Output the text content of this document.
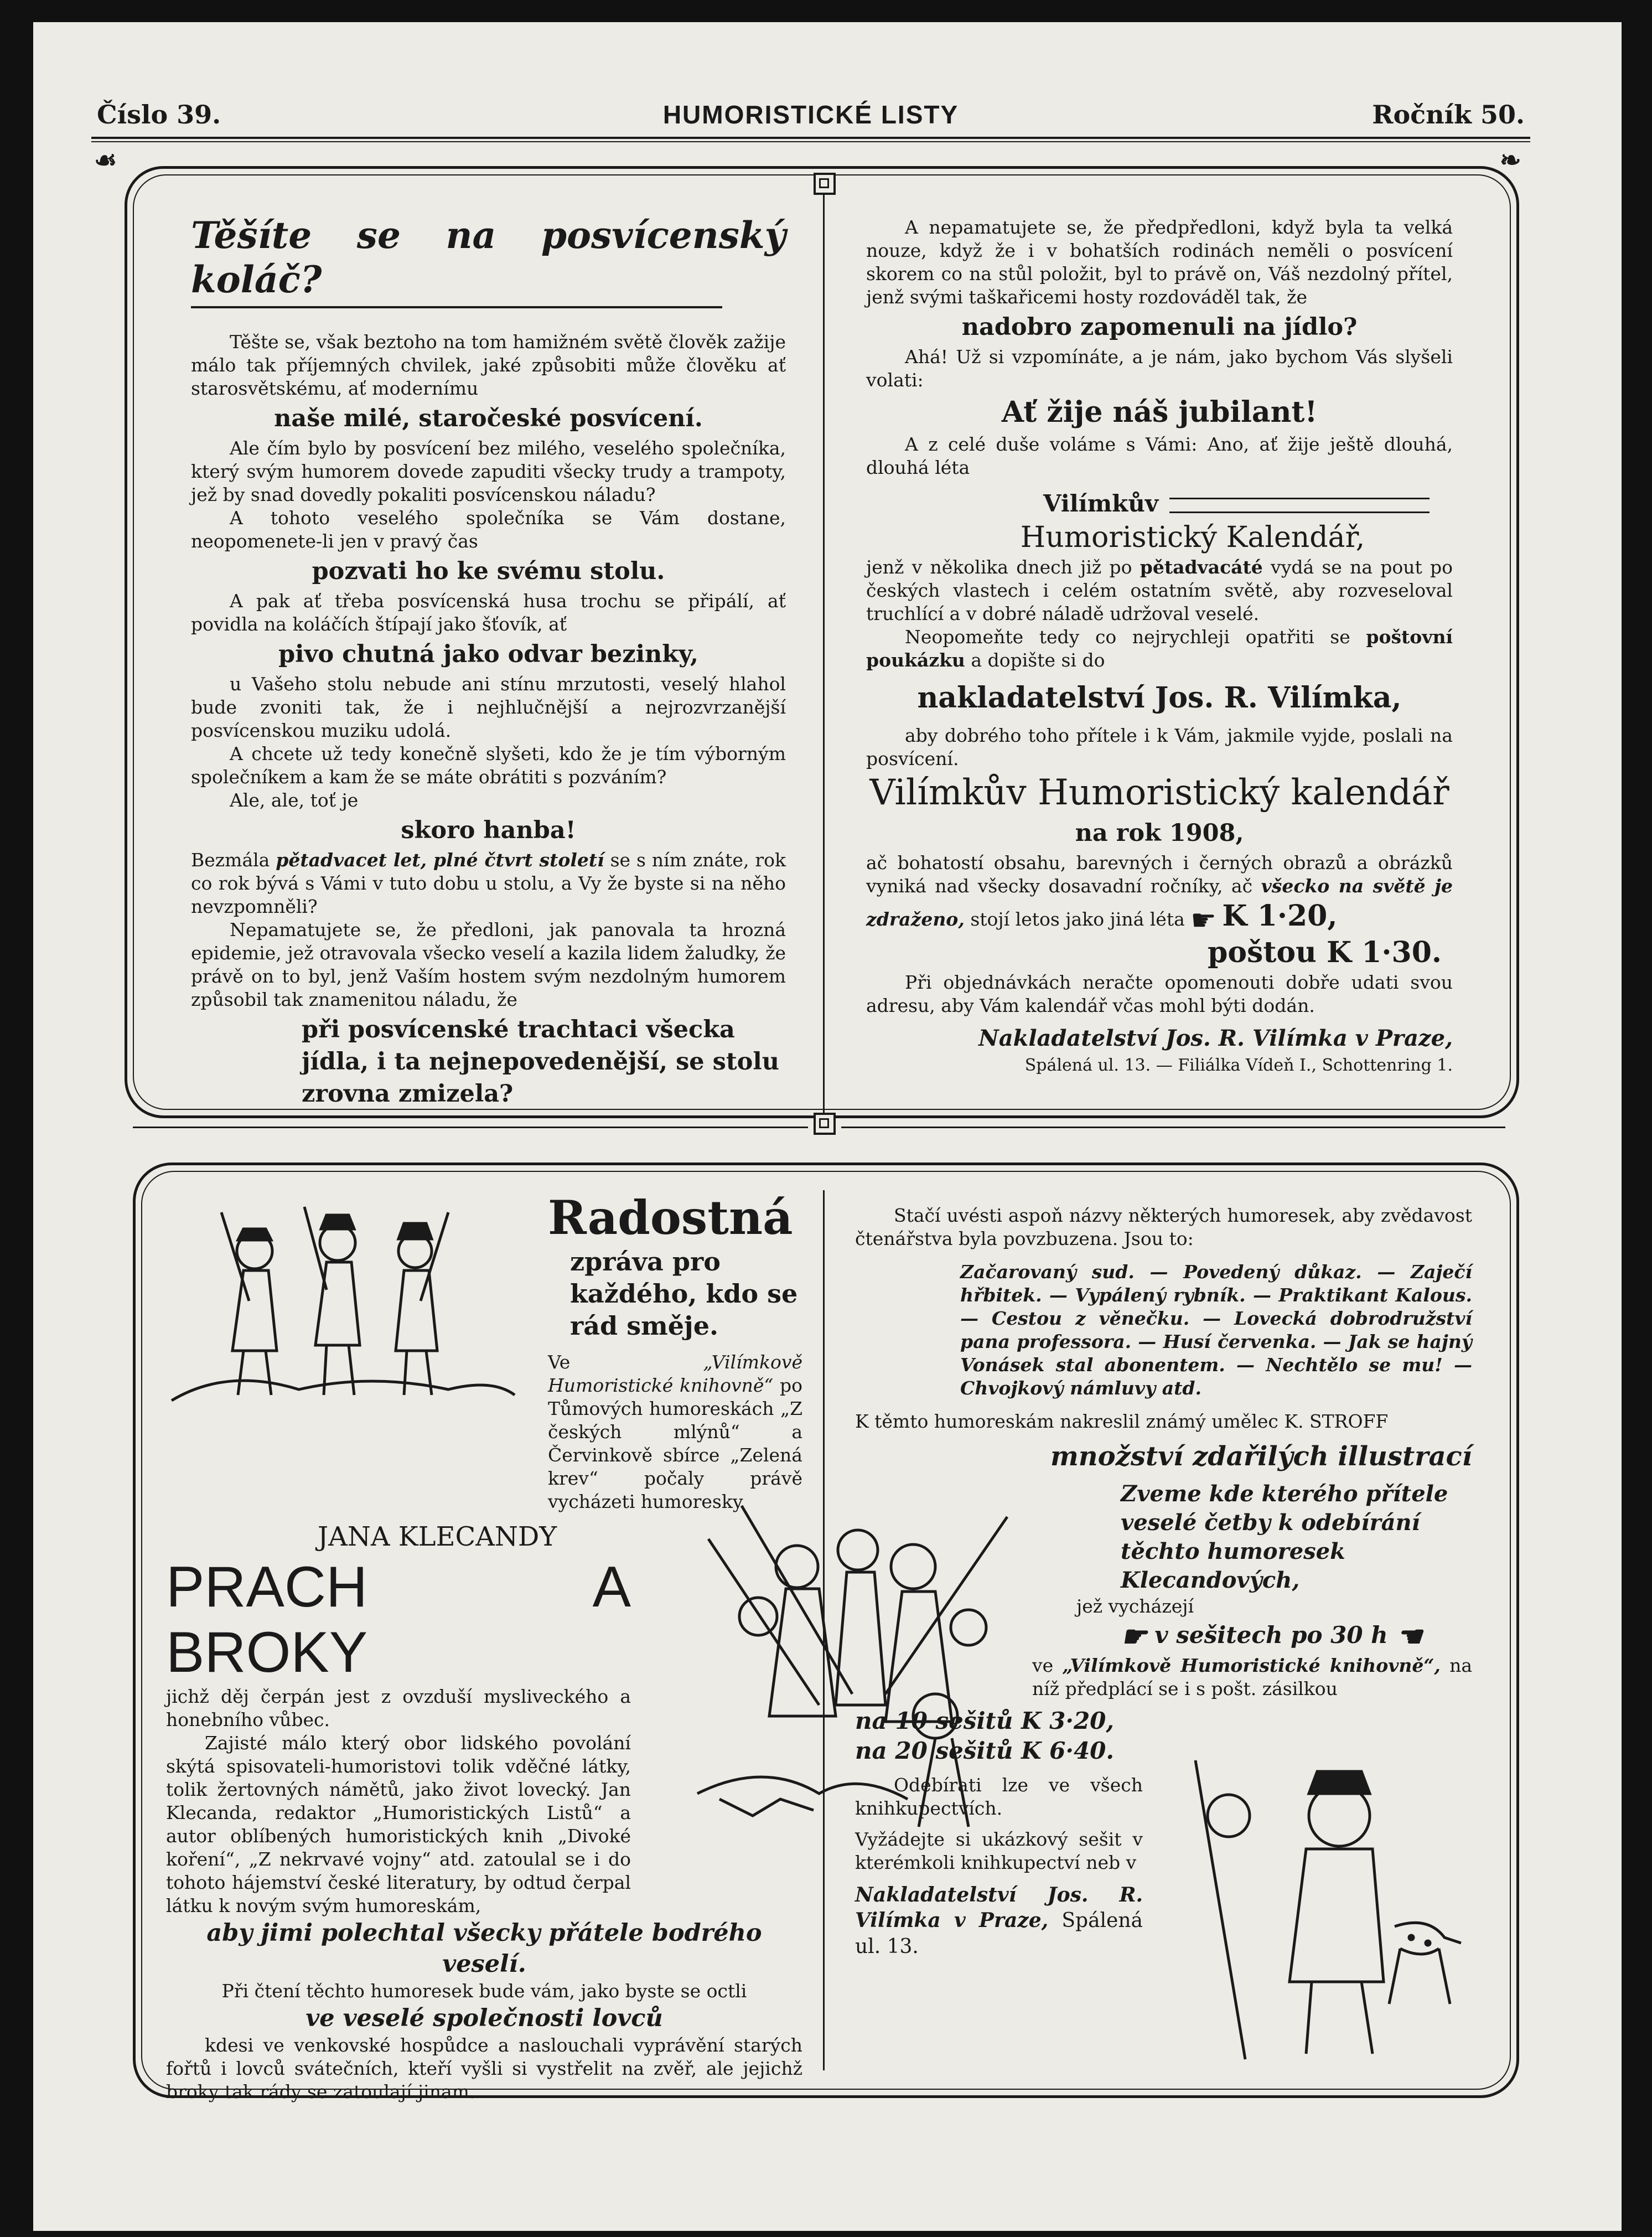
Číslo 39.	HUMORISTICKÉ LISTY	Ročník 50.
☙	❧
Těšíte se na posvícenský koláč?

Těšte se, však beztoho na tom hamižném světě člověk zažije málo tak příjemných chvilek, jaké způsobiti může člověku ať starosvětskému, ať modernímu

naše milé, staročeské posvícení.

Ale čím bylo by posvícení bez milého, veselého společníka, který svým humorem dovede zapuditi všecky trudy a trampoty, jež by snad dovedly pokaliti posvícenskou náladu?

A tohoto veselého společníka se Vám dostane, neopomenete-li jen v pravý čas

pozvati ho ke svému stolu.

A pak ať třeba posvícenská husa trochu se připálí, ať povidla na koláčích štípají jako šťovík, ať

pivo chutná jako odvar bezinky,

u Vašeho stolu nebude ani stínu mrzutosti, veselý hlahol bude zvoniti tak, že i nejhlučnější a nejrozvrzanější posvícenskou muziku udolá.

A chcete už tedy konečně slyšeti, kdo že je tím výborným společníkem a kam že se máte obrátiti s pozváním?

Ale, ale, toť je

skoro hanba!

Bezmála pětadvacet let, plné čtvrt století se s ním znáte, rok co rok bývá s Vámi v tuto dobu u stolu, a Vy že byste si na něho nevzpomněli?

Nepamatujete se, že předloni, jak panovala ta hrozná epidemie, jež otravovala všecko veselí a kazila lidem žaludky, že právě on to byl, jenž Vaším hostem svým nezdolným humorem způsobil tak znamenitou náladu, že

při posvícenské trachtaci všecka jídla, i ta nejnepovedenější, se stolu zrovna zmizela?

A nepamatujete se, že předpředloni, když byla ta velká nouze, když že i v bohatších rodinách neměli o posvícení skorem co na stůl položit, byl to právě on, Váš nezdolný přítel, jenž svými taškařicemi hosty rozdováděl tak, že

nadobro zapomenuli na jídlo?

Ahá! Už si vzpomínáte, a je nám, jako bychom Vás slyšeli volati:

Ať žije náš jubilant!

A z celé duše voláme s Vámi: Ano, ať žije ještě dlouhá, dlouhá léta

Vilímkův
Humoristický Kalendář,

jenž v několika dnech již po pětadvacáté vydá se na pout po českých vlastech i celém ostatním světě, aby rozveseloval truchlící a v dobré náladě udržoval veselé.

Neopomeňte tedy co nejrychleji opatřiti se poštovní poukázku a dopište si do

nakladatelství Jos. R. Vilímka,

aby dobrého toho přítele i k Vám, jakmile vyjde, poslali na posvícení.

Vilímkův Humoristický kalendář
na rok 1908,

ač bohatostí obsahu, barevných i černých obrazů a obrázků vyniká nad všecky dosavadní ročníky, ač všecko na světě je zdraženo, stojí letos jako jiná léta ☛ K 1·20,

poštou K 1·30.

Při objednávkách neračte opomenouti dobře udati svou adresu, aby Vám kalendář včas mohl býti dodán.

Nakladatelství Jos. R. Vilímka v Praze,
Spálená ul. 13. — Filiálka Vídeň I., Schottenring 1.
Radostná
zpráva pro každého, kdo se rád směje.

Ve	„Vilímkově Humoristické knihovně“ po Tůmových humoreskách „Z českých mlýnů“ a Červinkově sbírce „Zelená krev“ počaly právě vycházeti humoresky

JANA KLECANDY
PRACH A BROKY

jichž děj čerpán jest z ovzduší mysliveckého a honebního vůbec.

Zajisté málo který obor lidského povolání skýtá spisovateli-humoristovi tolik vděčné látky, tolik žertovných námětů, jako život lovecký. Jan Klecanda, redaktor „Humoristických Listů“ a autor oblíbených humoristických knih „Divoké koření“, „Z nekrvavé vojny“ atd. zatoulal se i do tohoto hájemství české literatury, by odtud čerpal látku k novým svým humoreskám,

aby jimi polechtal všecky přátele bodrého veselí.

Při čtení těchto humoresek bude vám, jako byste se octli

ve veselé společnosti lovců

kdesi ve venkovské hospůdce a naslouchali vyprávění starých fořtů i lovců svátečních, kteří vyšli si vystřelit na zvěř, ale jejichž broky tak rády se zatoulají jinam.

Stačí uvésti aspoň názvy některých humoresek, aby zvědavost čtenářstva byla povzbuzena. Jsou to:

Začarovaný sud. — Povedený důkaz. — Zaječí hřbitek. — Vypálený rybník. — Praktikant Kalous. — Cestou z věnečku. — Lovecká dobrodružství pana professora. — Husí červenka. — Jak se hajný Vonásek stal abonentem. — Nechtělo se mu! — Chvojkový námluvy atd.

K těmto humoreskám nakreslil známý umělec K. STROFF

množství zdařilých illustrací
Zveme kde kterého přítele veselé četby k odebírání těchto humoresek Klecandových,

jež vycházejí

☛ v sešitech po 30 h ☚

ve „Vilímkově Humoristické knihovně“, na níž předplácí se i s pošt. zásilkou

na 10 sešitů K 3·20,
na 20 sešitů K 6·40.

Odebírati lze ve všech knihkupectvích.

Vyžádejte si ukázkový sešit v kterémkoli knihkupectví neb v

Nakladatelství Jos. R. Vilímka v Praze, Spálená ul. 13.
